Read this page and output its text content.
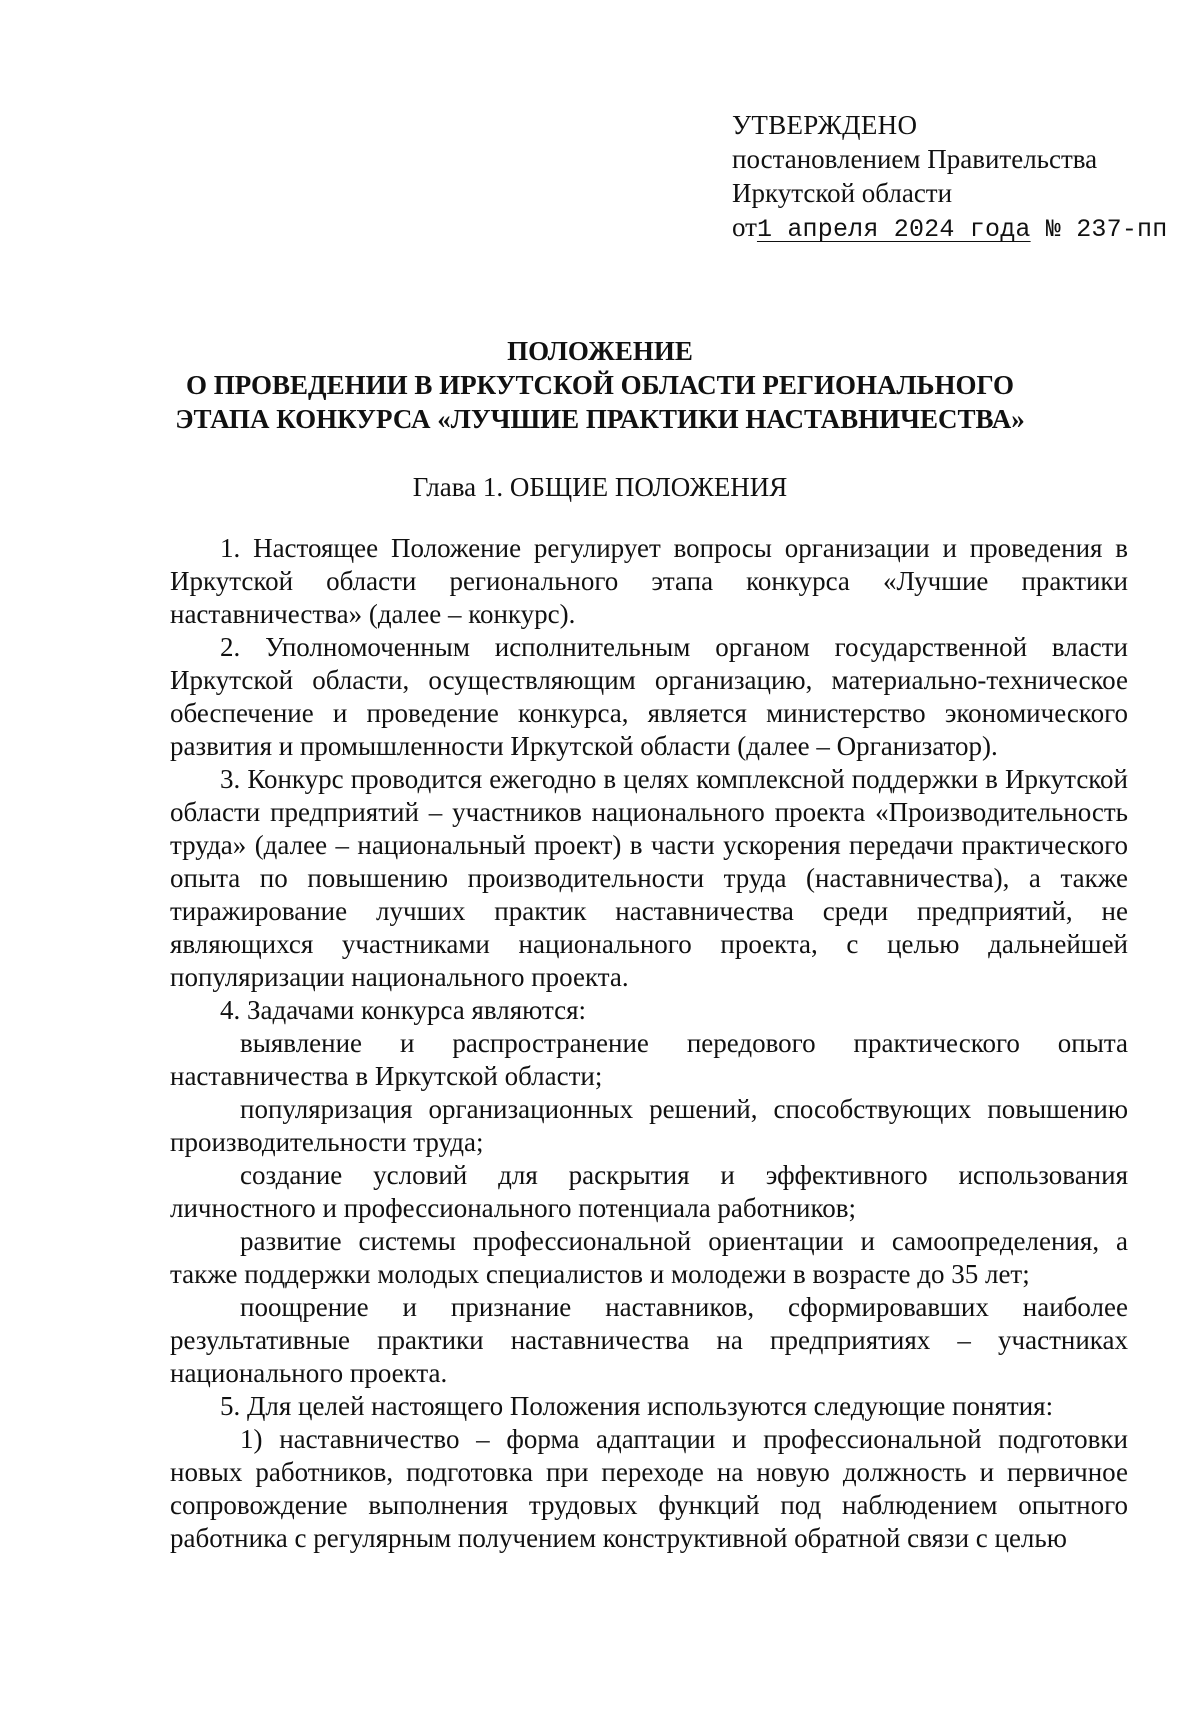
УТВЕРЖДЕНО
постановлением Правительства
Иркутской области
от1 апреля 2024 года № 237-пп
ПОЛОЖЕНИЕ
О ПРОВЕДЕНИИ В ИРКУТСКОЙ ОБЛАСТИ РЕГИОНАЛЬНОГО
ЭТАПА КОНКУРСА «ЛУЧШИЕ ПРАКТИКИ НАСТАВНИЧЕСТВА»
Глава 1. ОБЩИЕ ПОЛОЖЕНИЯ

1. Настоящее Положение регулирует вопросы организации и проведения в Иркутской области регионального этапа конкурса «Лучшие практики наставничества» (далее – конкурс).

2. Уполномоченным исполнительным органом государственной власти Иркутской области, осуществляющим организацию, материально-техническое обеспечение и проведение конкурса, является министерство экономического развития и промышленности Иркутской области (далее – Организатор).

3. Конкурс проводится ежегодно в целях комплексной поддержки в Иркутской области предприятий – участников национального проекта «Производительность труда» (далее – национальный проект) в части ускорения передачи практического опыта по повышению производительности труда (наставничества), а также тиражирование лучших практик наставничества среди предприятий, не являющихся участниками национального проекта, с целью дальнейшей популяризации национального проекта.

4. Задачами конкурса являются:

выявление и распространение передового практического опыта наставничества в Иркутской области;

популяризация организационных решений, способствующих повышению производительности труда;

создание условий для раскрытия и эффективного использования личностного и профессионального потенциала работников;

развитие системы профессиональной ориентации и самоопределения, а также поддержки молодых специалистов и молодежи в возрасте до 35 лет;

поощрение и признание наставников, сформировавших наиболее результативные практики наставничества на предприятиях – участниках национального проекта.

5. Для целей настоящего Положения используются следующие понятия:

1) наставничество – форма адаптации и профессиональной подготовки новых работников, подготовка при переходе на новую должность и первичное сопровождение выполнения трудовых функций под наблюдением опытного работника с регулярным получением конструктивной обратной связи с целью
